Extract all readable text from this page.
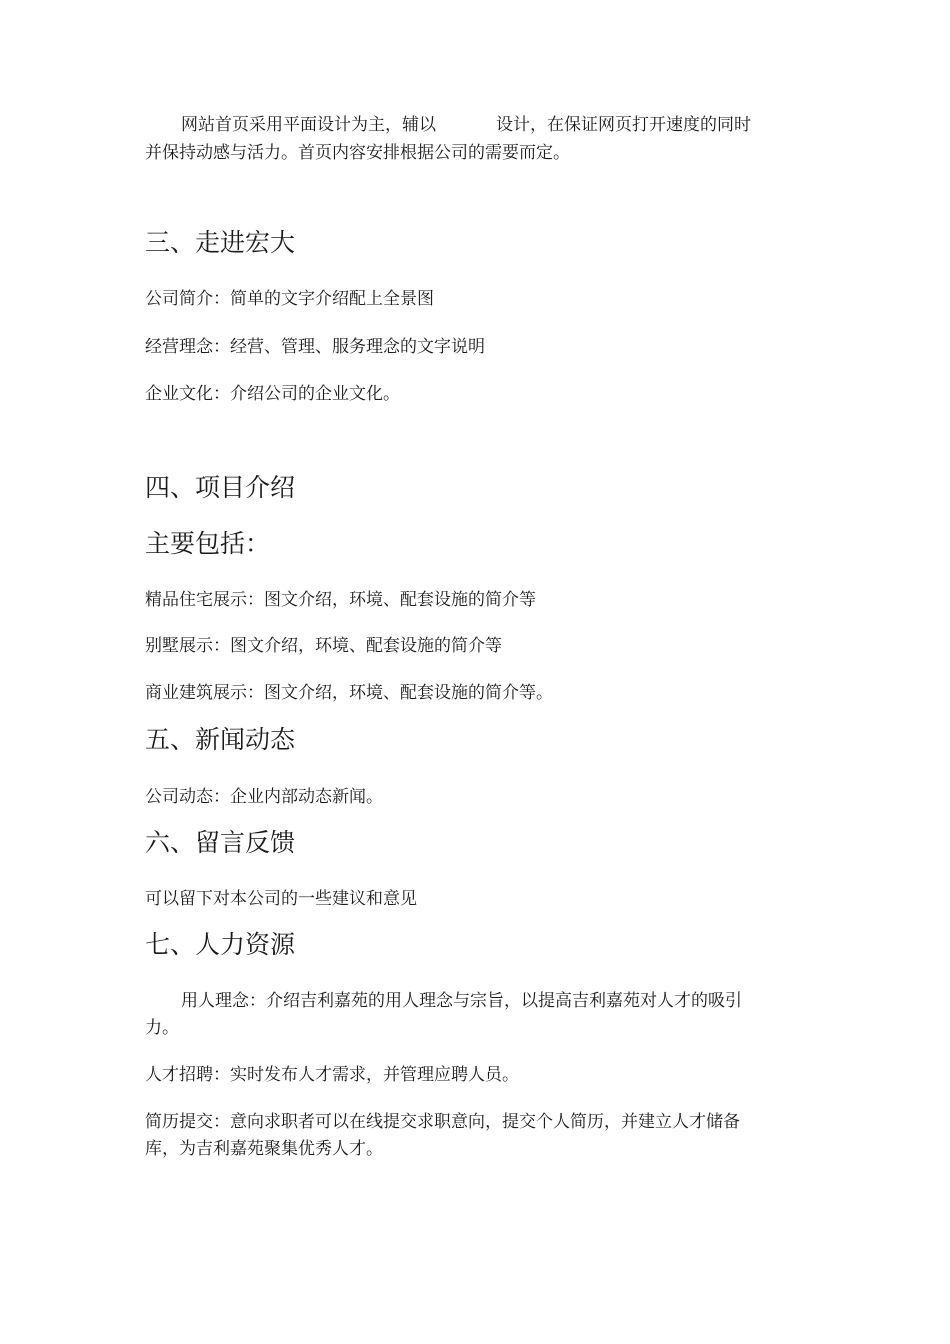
网站首页采用平面设计为主，辅以	设计，在保证网页打开速度的同时
并保持动感与活力。首页内容安排根据公司的需要而定。
三、走进宏大
公司简介：简单的文字介绍配上全景图
经营理念：经营、管理、服务理念的文字说明
企业文化：介绍公司的企业文化。
四、项目介绍
主要包括：
精品住宅展示：图文介绍，环境、配套设施的简介等
别墅展示：图文介绍，环境、配套设施的简介等
商业建筑展示：图文介绍，环境、配套设施的简介等。
五、新闻动态
公司动态：企业内部动态新闻。
六、留言反馈
可以留下对本公司的一些建议和意见
七、人力资源
用人理念：介绍吉利嘉苑的用人理念与宗旨，以提高吉利嘉苑对人才的吸引
力。
人才招聘：实时发布人才需求，并管理应聘人员。
简历提交：意向求职者可以在线提交求职意向，提交个人简历，并建立人才储备
库，为吉利嘉苑聚集优秀人才。
